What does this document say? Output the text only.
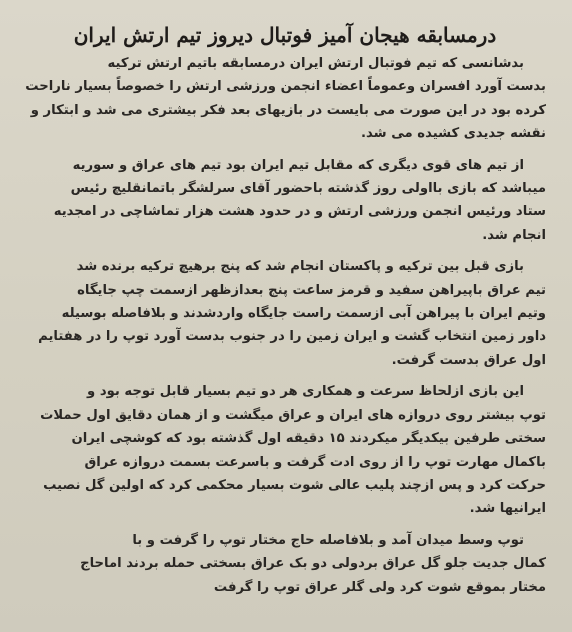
درمسابقه هیجان آمیز فوتبال دیروز تیم ارتش ایران
بدشانسی که تیم فوتبال ارتش ایران درمسابقه باتیم ارتش ترکیه
بدست آورد افسران وعموماً اعضاء انجمن ورزشی ارتش را خصوصاً بسیار ناراحت
کرده بود در این صورت می بایست در بازیهای بعد فکر بیشتری می شد و ابتکار و
نقشه جدیدی کشیده می شد.
از تیم های قوی دیگری که مقابل تیم ایران بود تیم های عراق و سوریه
میباشد که بازی بااولی روز گذشته باحضور آقای سرلشگر باتمانقلیچ رئیس
ستاد ورئیس انجمن ورزشی ارتش و در حدود هشت هزار تماشاچی در امجدیه
انجام شد.
بازی قبل بین ترکیه و پاکستان انجام شد که پنج برهیچ ترکیه برنده شد
تیم عراق باپیراهن سفید و قرمز ساعت پنج بعدازظهر ازسمت چپ جایگاه
وتیم ایران با پیراهن آبی ازسمت راست جایگاه واردشدند و بلافاصله بوسیله
داور زمین انتخاب گشت و ایران زمین را در جنوب بدست آورد توپ را در هفتایم
اول عراق بدست گرفت.
این بازی ازلحاظ سرعت و همکاری هر دو تیم بسیار قابل توجه بود و
توپ بیشتر روی دروازه های ایران و عراق میگشت و از همان دقایق اول حملات
سختی طرفین بیکدیگر میکردند ۱۵ دقیقه اول گذشته بود که کوشچی ایران
باکمال مهارت توپ را از روی ادت گرفت و باسرعت بسمت دروازه عراق
حرکت کرد و پس ازچند پلیب عالی شوت بسیار محکمی کرد که اولین گل نصیب
ایرانیها شد.
توپ وسط میدان آمد و بلافاصله حاج مختار توپ را گرفت و با
کمال جدیت جلو گل عراق بردولی دو بک عراق بسختی حمله بردند اماحاج
مختار بموقع شوت کرد ولی گلر عراق توپ را گرفت
